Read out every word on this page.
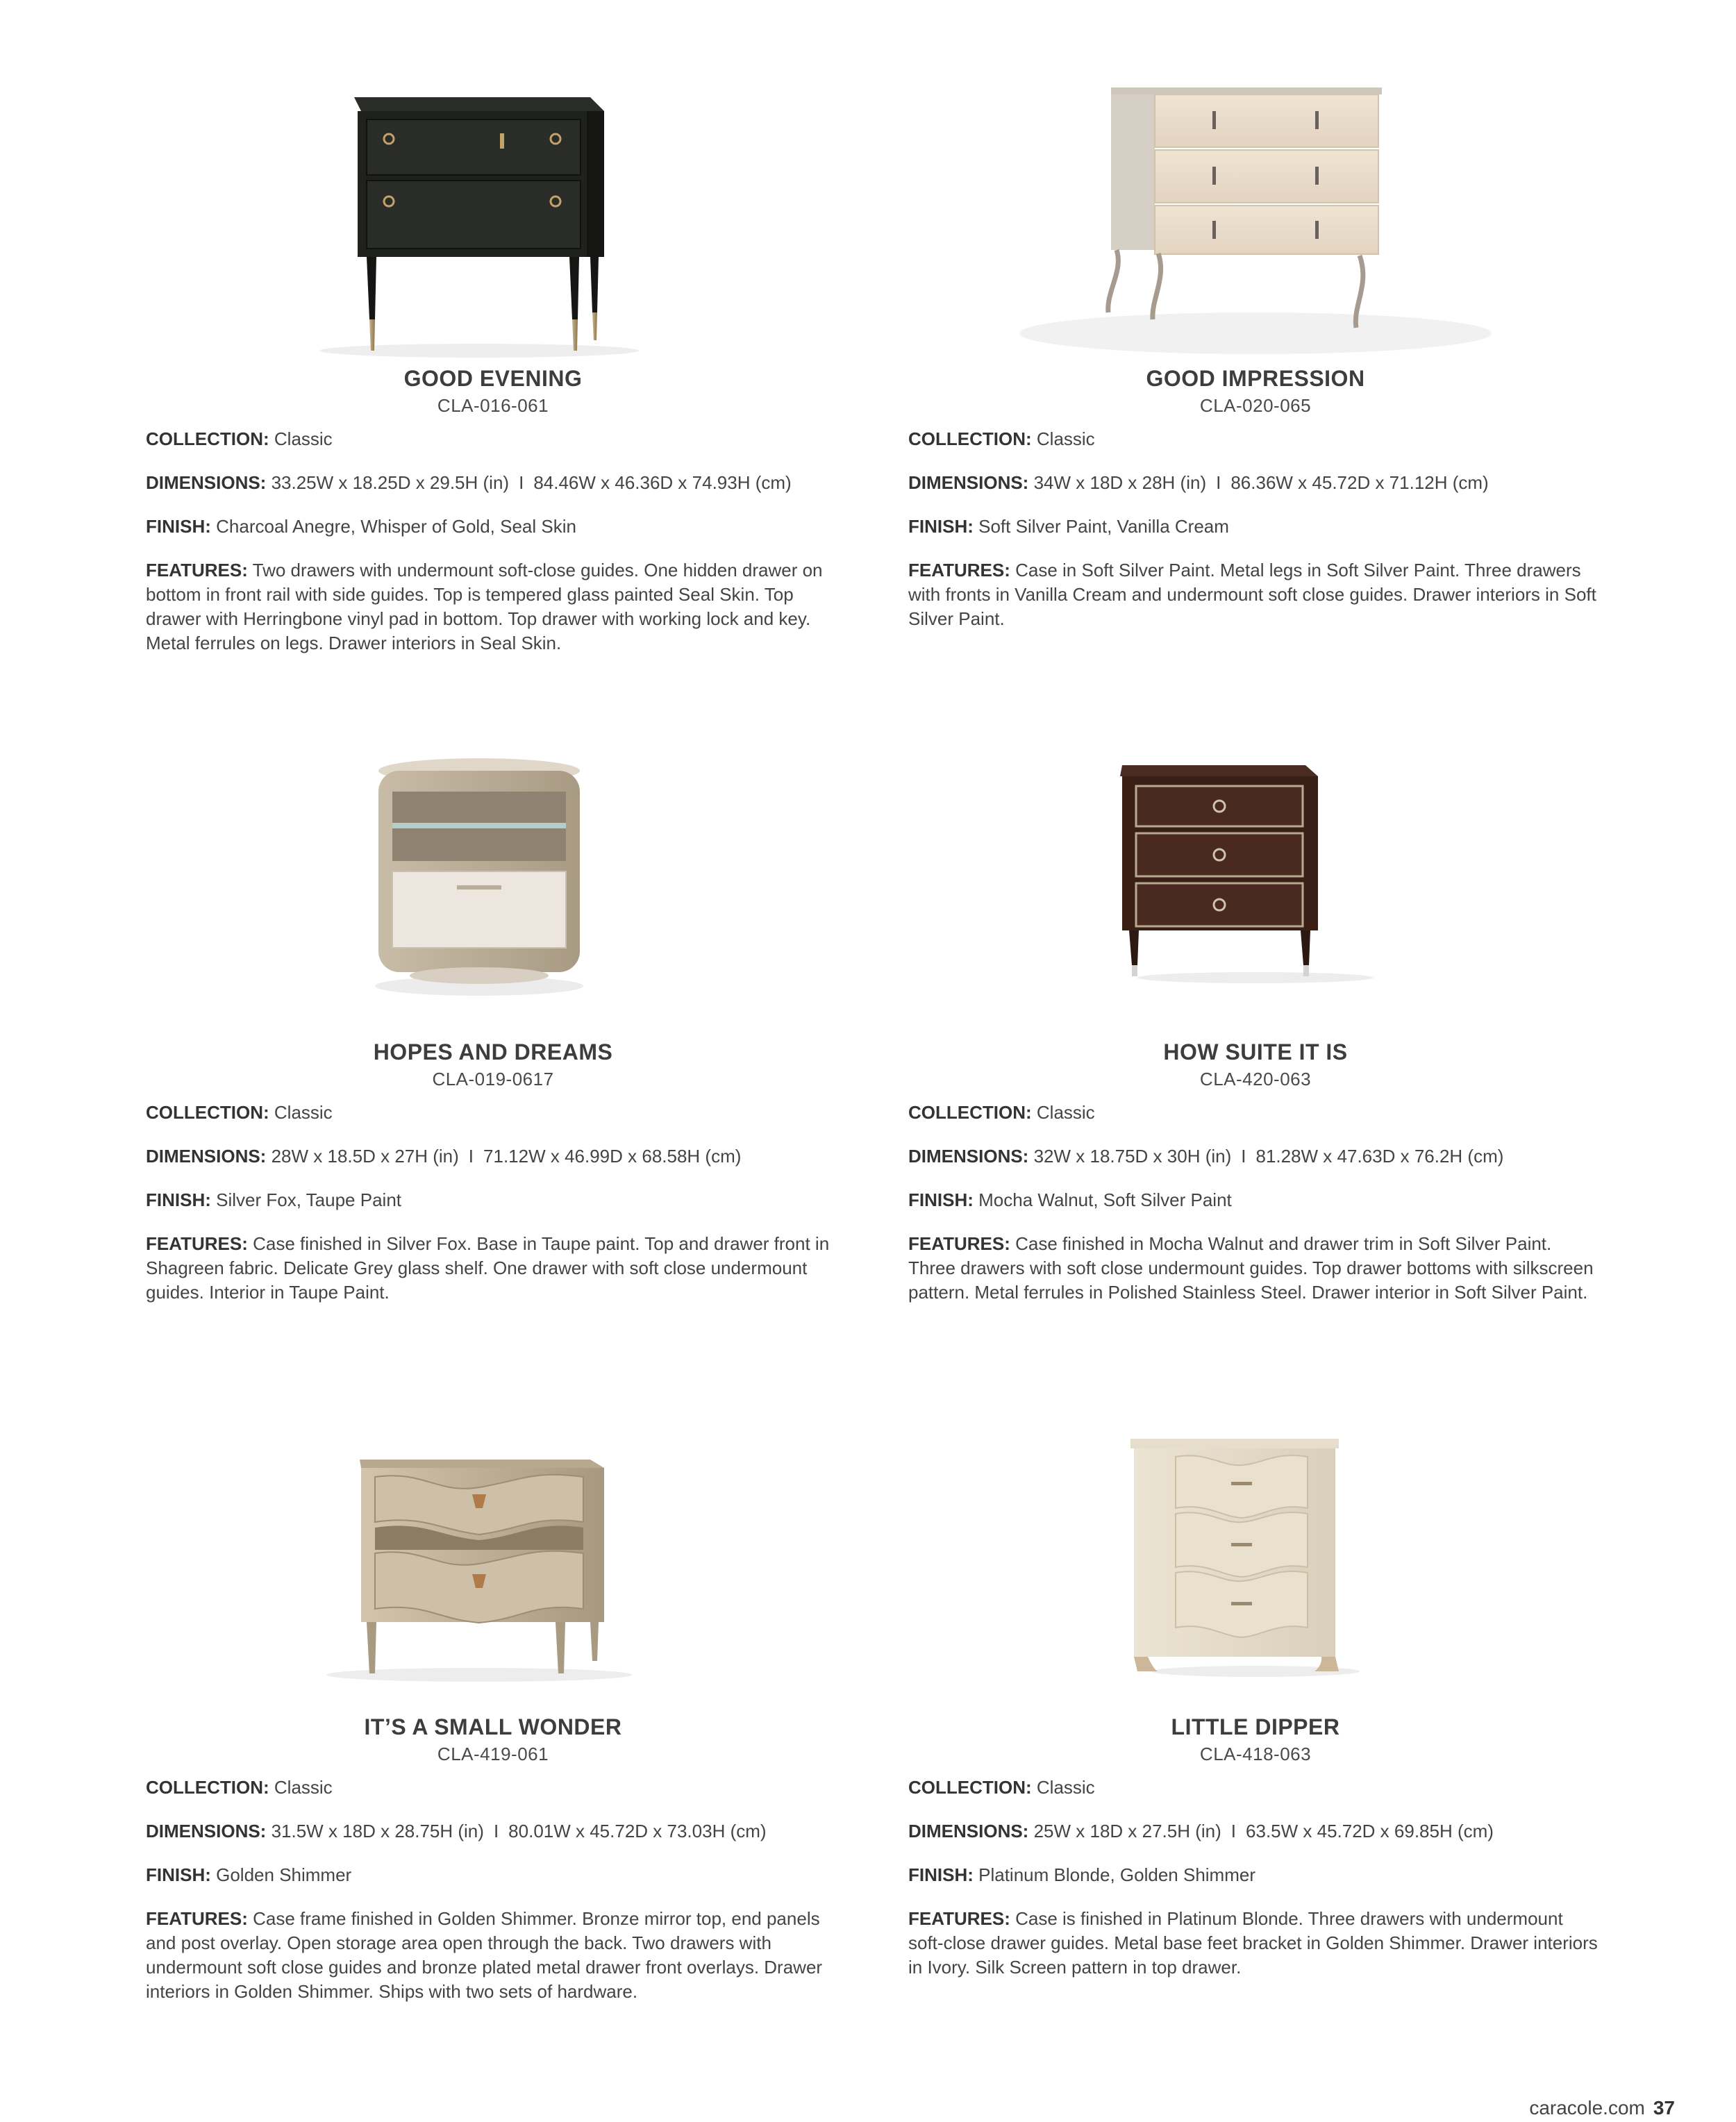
GOOD EVENING
CLA-016-061
COLLECTION: Classic
DIMENSIONS: 33.25W x 18.25D x 29.5H (in) I 84.46W x 46.36D x 74.93H (cm)
FINISH: Charcoal Anegre, Whisper of Gold, Seal Skin
FEATURES: Two drawers with undermount soft-close guides. One hidden drawer on bottom in front rail with side guides. Top is tempered glass painted Seal Skin. Top drawer with Herringbone vinyl pad in bottom. Top drawer with working lock and key. Metal ferrules on legs. Drawer interiors in Seal Skin.
GOOD IMPRESSION
CLA-020-065
COLLECTION: Classic
DIMENSIONS: 34W x 18D x 28H (in) I 86.36W x 45.72D x 71.12H (cm)
FINISH: Soft Silver Paint, Vanilla Cream
FEATURES: Case in Soft Silver Paint. Metal legs in Soft Silver Paint. Three drawers with fronts in Vanilla Cream and undermount soft close guides. Drawer interiors in Soft Silver Paint.
HOPES AND DREAMS
CLA-019-0617
COLLECTION: Classic
DIMENSIONS: 28W x 18.5D x 27H (in) I 71.12W x 46.99D x 68.58H (cm)
FINISH: Silver Fox, Taupe Paint
FEATURES: Case finished in Silver Fox. Base in Taupe paint. Top and drawer front in Shagreen fabric. Delicate Grey glass shelf. One drawer with soft close undermount guides. Interior in Taupe Paint.
HOW SUITE IT IS
CLA-420-063
COLLECTION: Classic
DIMENSIONS: 32W x 18.75D x 30H (in) I 81.28W x 47.63D x 76.2H (cm)
FINISH: Mocha Walnut, Soft Silver Paint
FEATURES: Case finished in Mocha Walnut and drawer trim in Soft Silver Paint. Three drawers with soft close undermount guides. Top drawer bottoms with silkscreen pattern. Metal ferrules in Polished Stainless Steel. Drawer interior in Soft Silver Paint.
IT’S A SMALL WONDER
CLA-419-061
COLLECTION: Classic
DIMENSIONS: 31.5W x 18D x 28.75H (in) I 80.01W x 45.72D x 73.03H (cm)
FINISH: Golden Shimmer
FEATURES: Case frame finished in Golden Shimmer. Bronze mirror top, end panels and post overlay. Open storage area open through the back. Two drawers with undermount soft close guides and bronze plated metal drawer front overlays. Drawer interiors in Golden Shimmer. Ships with two sets of hardware.
LITTLE DIPPER
CLA-418-063
COLLECTION: Classic
DIMENSIONS: 25W x 18D x 27.5H (in) I 63.5W x 45.72D x 69.85H (cm)
FINISH: Platinum Blonde, Golden Shimmer
FEATURES: Case is finished in Platinum Blonde. Three drawers with undermount soft-close drawer guides. Metal base feet bracket in Golden Shimmer. Drawer interiors in Ivory. Silk Screen pattern in top drawer.
caracole.com 37
